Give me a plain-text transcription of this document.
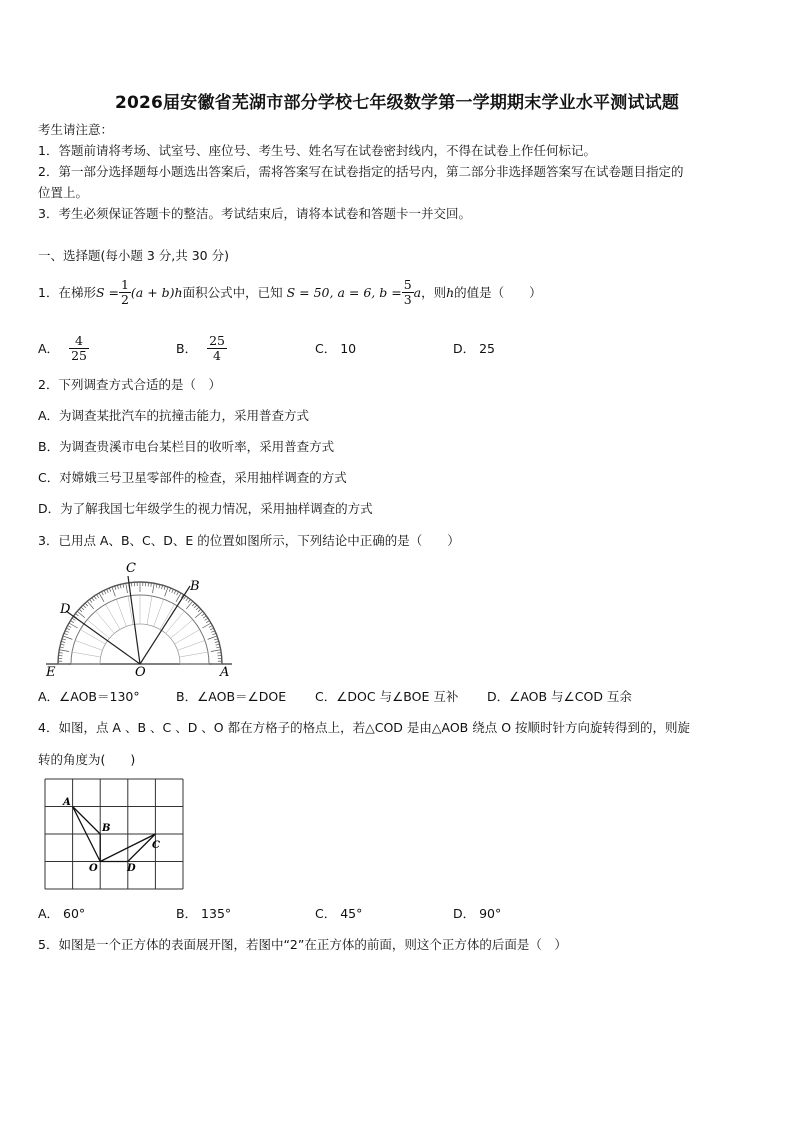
2026届安徽省芜湖市部分学校七年级数学第一学期期末学业水平测试试题
考生请注意：
1．答题前请将考场、试室号、座位号、考生号、姓名写在试卷密封线内，不得在试卷上作任何标记。
2．第一部分选择题每小题选出答案后，需将答案写在试卷指定的括号内，第二部分非选择题答案写在试卷题目指定的
位置上。
3．考生必须保证答题卡的整洁。考试结束后，请将本试卷和答题卡一并交回。
一、选择题(每小题 3 分,共 30 分)
1．在梯形 $S = \frac{1}{2} (a + b)h$ 面积公式中，已知 S = 50, a = 6, $b = \frac{5}{3}$ a ，则 h 的值是（　　）
A． $\frac{4}{25}$	B． $\frac{25}{4}$	C． 10	D． 25
2．下列调查方式合适的是（　）
A．为调查某批汽车的抗撞击能力，采用普查方式
B．为调查贵溪市电台某栏目的收听率，采用普查方式
C．对嫦娥三号卫星零部件的检查，采用抽样调查的方式
D．为了解我国七年级学生的视力情况，采用抽样调查的方式
3．已用点 A、B、C、D、E 的位置如图所示，下列结论中正确的是（　　）
C
B
D
E	O	A
A．∠AOB＝130°	B．∠AOB＝∠DOE C．∠DOC 与∠BOE 互补 D．∠AOB 与∠COD 互余
4．如图，点 A 、B 、C 、D 、O 都在方格子的格点上，若△COD 是由△AOB 绕点 O 按顺时针方向旋转得到的，则旋
转的角度为(　　)
A
B
C
O	D
A． 60°	B． 135°	C． 45°	D． 90°
5．如图是一个正方体的表面展开图，若图中“2”在正方体的前面，则这个正方体的后面是（　）
